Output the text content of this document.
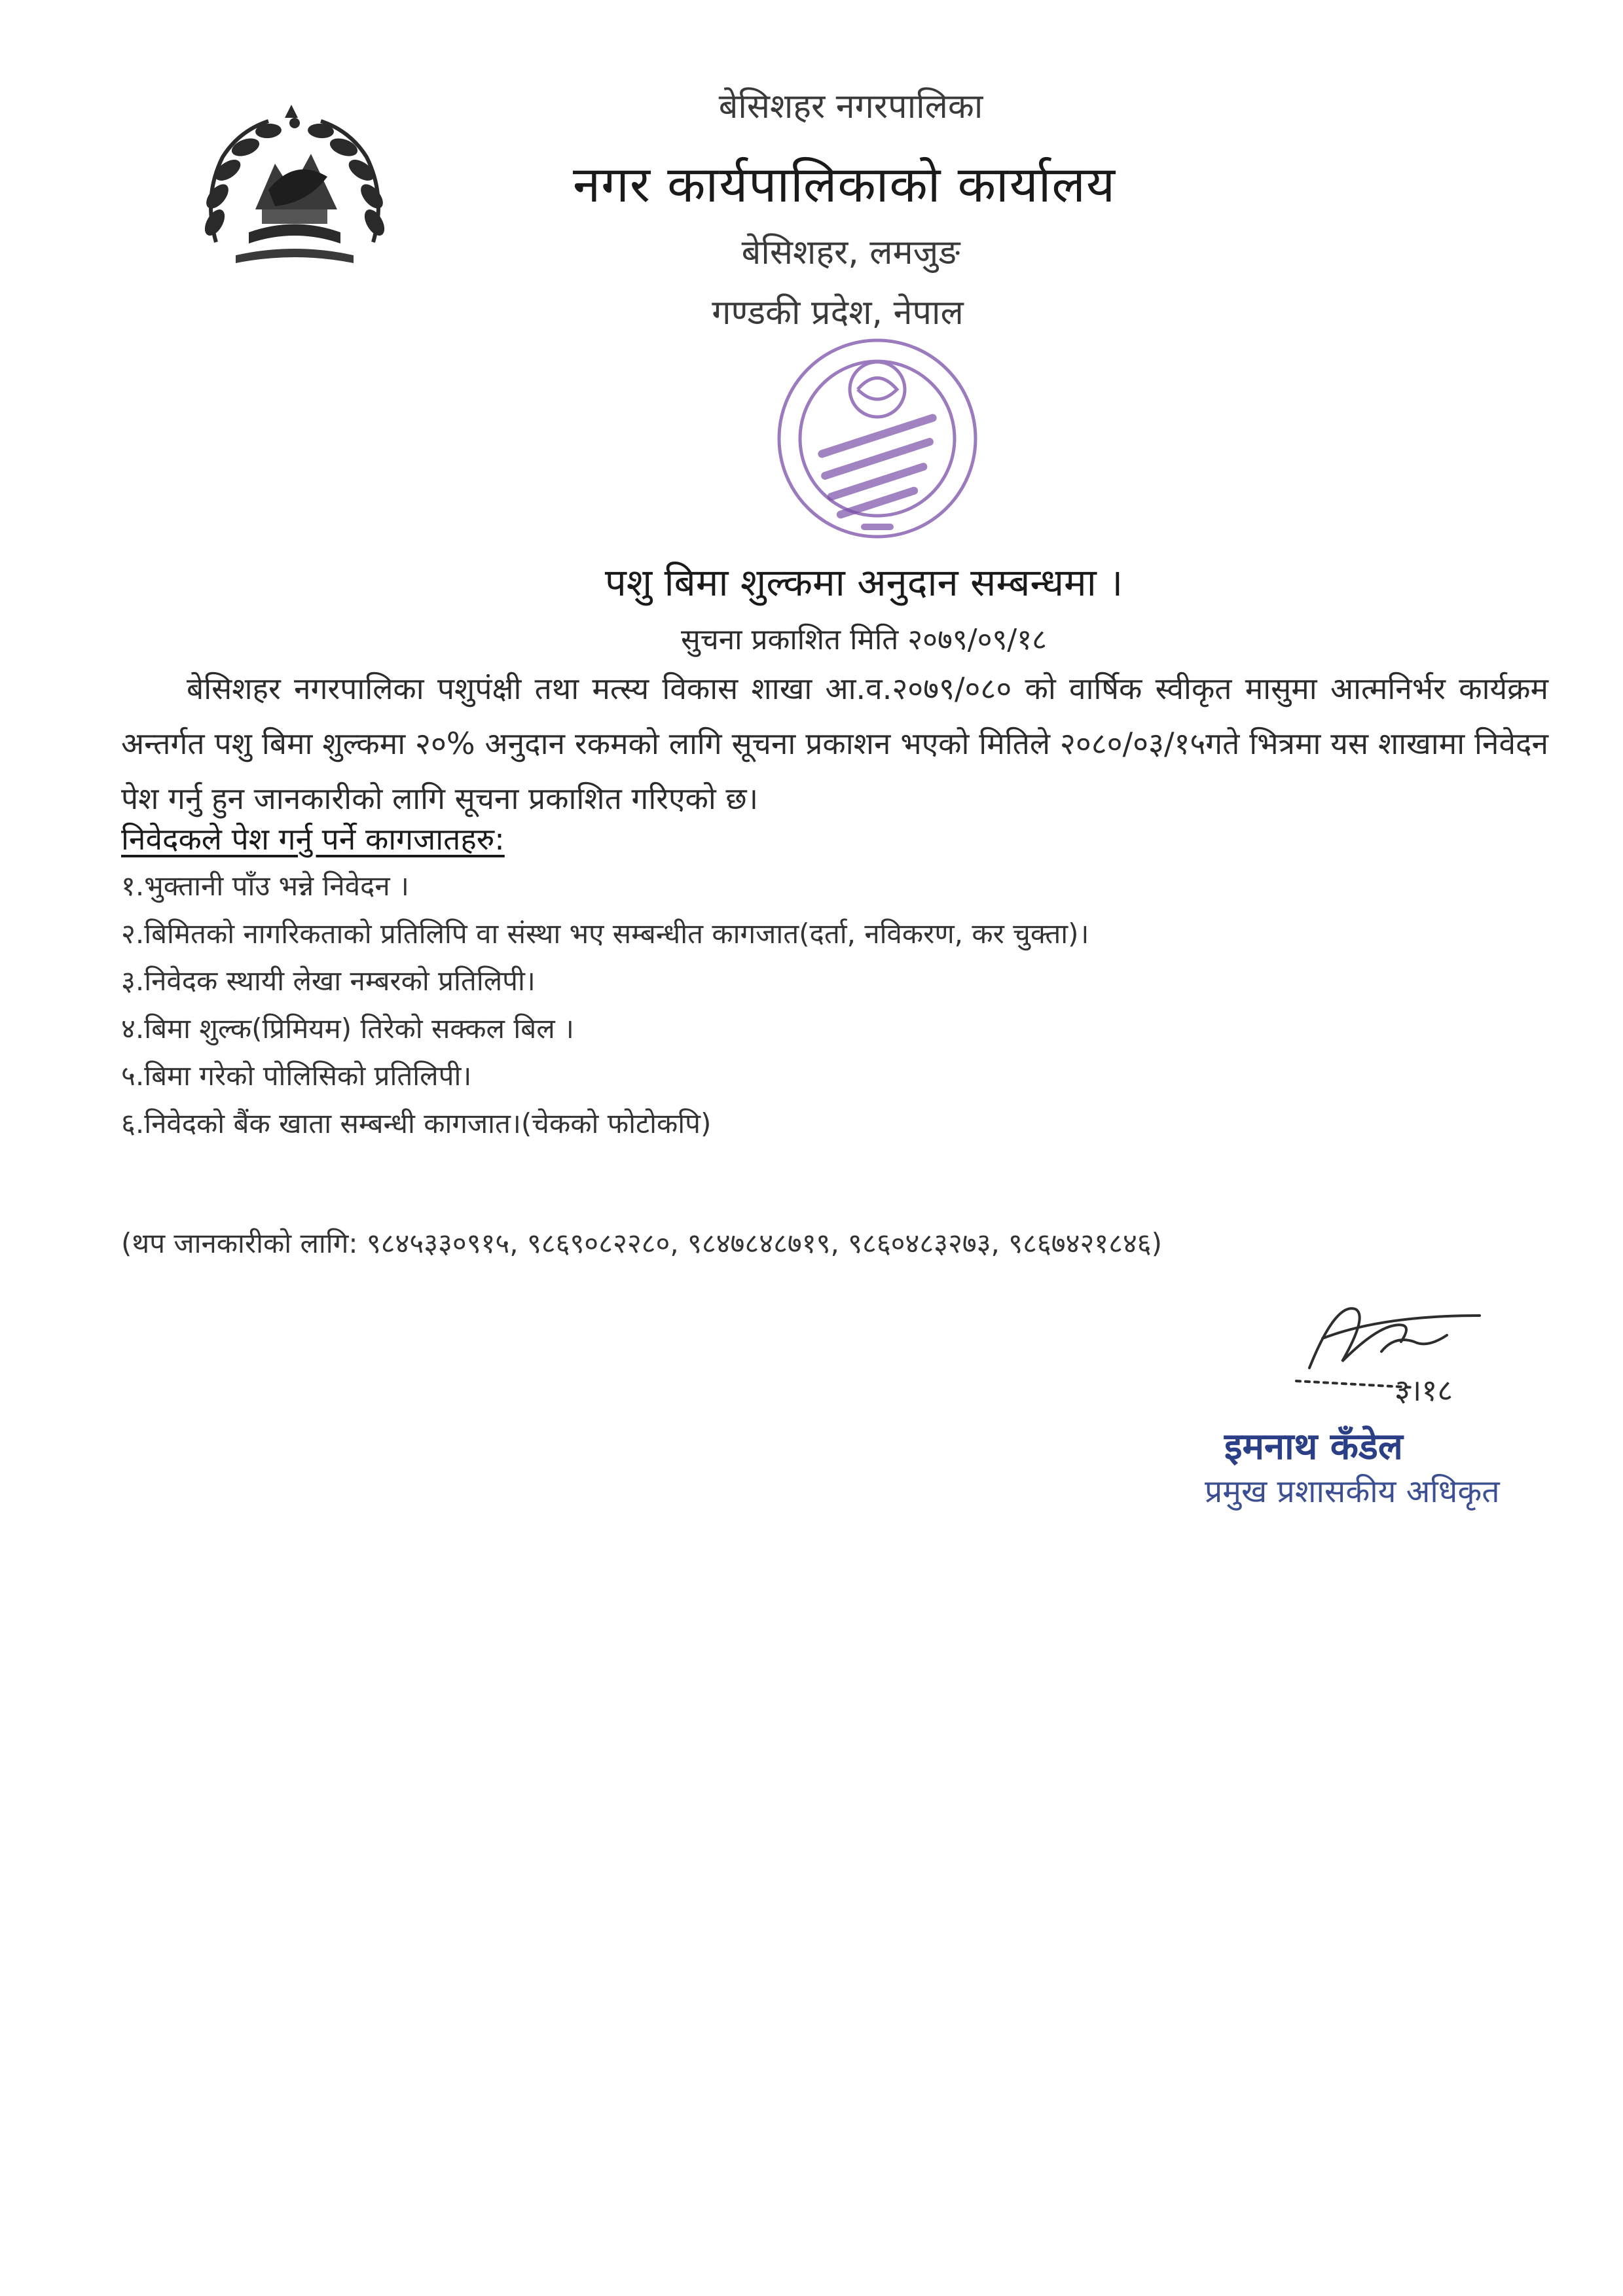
बेसिशहर नगरपालिका
नगर कार्यपालिकाको कार्यालय
बेसिशहर, लमजुङ
गण्डकी प्रदेश, नेपाल
पशु बिमा शुल्कमा अनुदान सम्बन्धमा ।
सुचना प्रकाशित मिति २०७९/०९/१८
बेसिशहर नगरपालिका पशुपंक्षी तथा मत्स्य विकास शाखा आ.व.२०७९/०८० को वार्षिक स्वीकृत मासुमा आत्मनिर्भर कार्यक्रम अन्तर्गत पशु बिमा शुल्कमा २०% अनुदान रकमको लागि सूचना प्रकाशन भएको मितिले २०८०/०३/१५गते भित्रमा यस शाखामा निवेदन पेश गर्नु हुन जानकारीको लागि सूचना प्रकाशित गरिएको छ।
निवेदकले पेश गर्नु पर्ने कागजातहरु:
१.भुक्तानी पाँउ भन्ने निवेदन ।
२.बिमितको नागरिकताको प्रतिलिपि वा संस्था भए सम्बन्धीत कागजात(दर्ता, नविकरण, कर चुक्ता)।
३.निवेदक स्थायी लेखा नम्बरको प्रतिलिपी।
४.बिमा शुल्क(प्रिमियम) तिरेको सक्कल बिल ।
५.बिमा गरेको पोलिसिको प्रतिलिपी।
६.निवेदको बैंक खाता सम्बन्धी कागजात।(चेकको फोटोकपि)
(थप जानकारीको लागि: ९८४५३३०९१५, ९८६९०८२२८०, ९८४७८४८७१९, ९८६०४८३२७३, ९८६७४२१८४६)
३।१८
इमनाथ कँडेल
प्रमुख प्रशासकीय अधिकृत
